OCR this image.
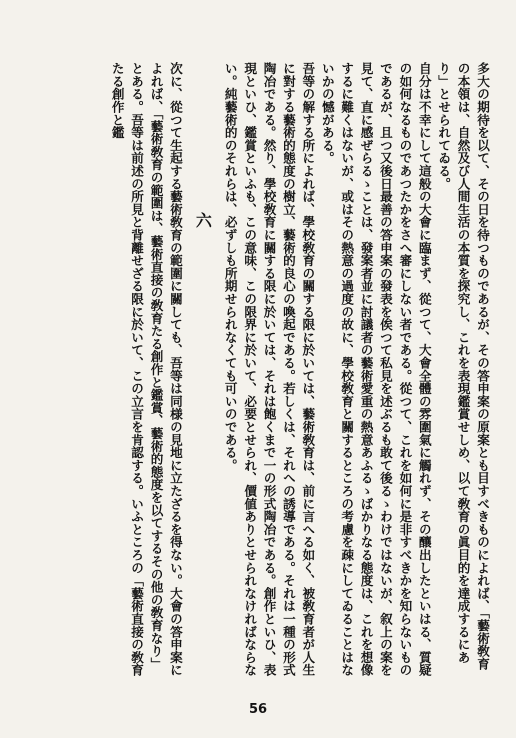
多大の期待を以て、その日を待つものであるが、その答申案の原案とも目すべきものによれば、「藝術敎育の本領は、自然及び人間生活の本質を探究し、これを表現鑑賞せしめ、以て敎育の眞目的を達成するにあり」とせられてゐる。

自分は不幸にして這般の大會に臨まず、從つて、大會全體の雰圍氣に觸れず、その釀出したといはる、質疑の如何なるものであつたかをさへ審にしない者である。從つて、これを如何に是非すべきかを知らないものであるが、且つ又後日最善の答申案の發表を俟つて私見を述ぶるも敢て後るゝわけではないが、叙上の案を見て、直に感ぜらるゝことは、發案者並に討議者の藝術愛重の熱意あふるゝばかりなる態度は、これを想像するに難くはないが、或はその熱意の過度の故に、學校敎育と關するところの考慮を疎にしてゐることはないかの憾がある。

吾等の解する所によれば、學校敎育の關する限に於いては、藝術敎育は、前に言へる如く、被敎育者が人生に對する藝術的態度の樹立、藝術的良心の喚起である。若しくは、それへの誘導である。それは一種の形式陶冶である。然り、學校敎育に關する限に於いては、それは飽くまで一の形式陶冶である。創作といひ、表現といひ、鑑賞といふも、この意味、この限界に於いて、必要とせられ、價値ありとせられなければならない。純藝術的のそれらは、必ずしも所期せられなくても可いのである。

六

次に、從つて生起する藝術敎育の範圍に關しても、吾等は同様の見地に立たざるを得ない。大會の答申案によれば、「藝術敎育の範圍は、藝術直接の敎育たる創作と鑑賞、藝術的態度を以てするその他の敎育なり」とある。吾等は前述の所見と背離せざる限に於いて、この立言を肯認する。いふところの「藝術直接の敎育たる創作と鑑

56
